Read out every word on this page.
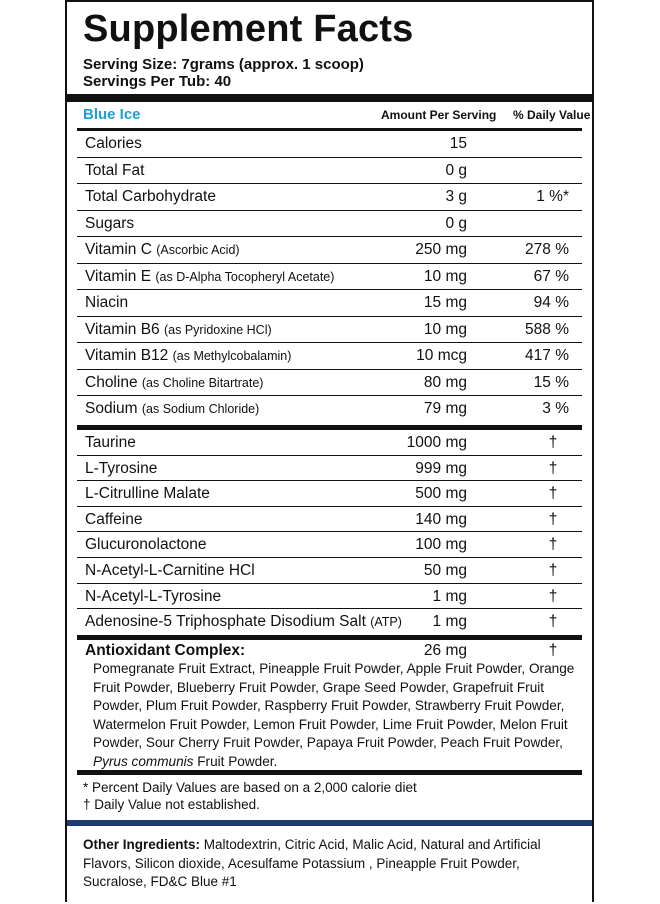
Supplement Facts
Serving Size: 7grams (approx. 1 scoop)
Servings Per Tub: 40
Blue Ice	Amount Per Serving % Daily Value
Calories	15
Total Fat	0 g
Total Carbohydrate	3 g	1 %*
Sugars	0 g
Vitamin C (Ascorbic Acid)	250 mg	278 %
Vitamin E (as D-Alpha Tocopheryl Acetate)	10 mg	67 %
Niacin	15 mg	94 %
Vitamin B6 (as Pyridoxine HCl)	10 mg	588 %
Vitamin B12 (as Methylcobalamin)	10 mcg	417 %
Choline (as Choline Bitartrate)	80 mg	15 %
Sodium (as Sodium Chloride)	79 mg	3 %
Taurine	1000 mg	†
L-Tyrosine	999 mg	†
L-Citrulline Malate	500 mg	†
Caffeine	140 mg	†
Glucuronolactone	100 mg	†
N-Acetyl-L-Carnitine HCl	50 mg	†
N-Acetyl-L-Tyrosine	1 mg	†
Adenosine-5 Triphosphate Disodium Salt (ATP)	1 mg	†
Antioxidant Complex:	26 mg	†
Pomegranate Fruit Extract, Pineapple Fruit Powder, Apple Fruit Powder, Orange Fruit Powder, Blueberry Fruit Powder, Grape Seed Powder, Grapefruit Fruit Powder, Plum Fruit Powder, Raspberry Fruit Powder, Strawberry Fruit Powder, Watermelon Fruit Powder, Lemon Fruit Powder, Lime Fruit Powder, Melon Fruit Powder, Sour Cherry Fruit Powder, Papaya Fruit Powder, Peach Fruit Powder, Pyrus communis Fruit Powder.
* Percent Daily Values are based on a 2,000 calorie diet
† Daily Value not established.
Other Ingredients: Maltodextrin, Citric Acid, Malic Acid, Natural and Artificial Flavors, Silicon dioxide, Acesulfame Potassium , Pineapple Fruit Powder, Sucralose, FD&C Blue #1
